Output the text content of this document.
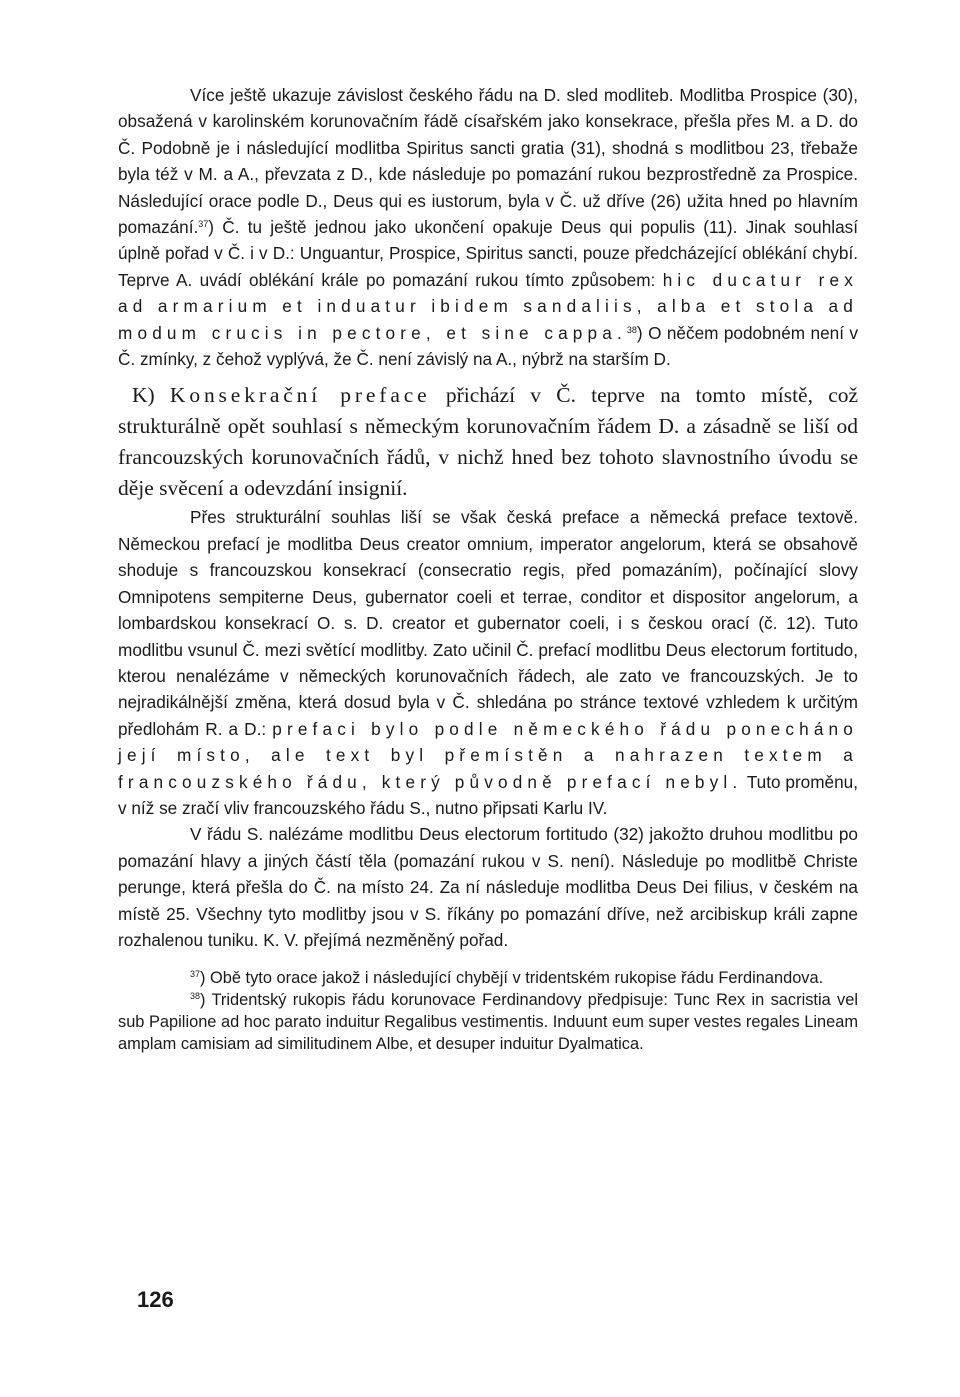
Více ještě ukazuje závislost českého řádu na D. sled modliteb. Modlitba Prospice (30), obsažená v karolinském korunovačním řádě císařském jako konsekrace, přešla přes M. a D. do Č. Podobně je i následující modlitba Spiritus sancti gratia (31), shodná s modlitbou 23, třebaže byla též v M. a A., převzata z D., kde následuje po pomazání rukou bezprostředně za Prospice. Následující orace podle D., Deus qui es iustorum, byla v Č. už dříve (26) užita hned po hlavním pomazání.$^{37}$) Č. tu ještě jednou jako ukončení opakuje Deus qui populis (11). Jinak souhlasí úplně pořad v Č. i v D.: Unguantur, Prospice, Spiritus sancti, pouze předcházející oblékání chybí. Teprve A. uvádí oblékání krále po pomazání rukou tímto způsobem: hic ducatur rex ad armarium et induatur ibidem sandaliis, alba et stola ad modum crucis in pectore, et sine cappa.$^{38}$) O něčem podobném není v Č. zmínky, z čehož vyplývá, že Č. není závislý na A., nýbrž na starším D.

K) Konsekrační preface přichází v Č. teprve na tomto místě, což strukturálně opět souhlasí s německým korunovačním řádem D. a zásadně se liší od francouzských korunovačních řádů, v nichž hned bez tohoto slavnostního úvodu se děje svěcení a odevzdání insignií.

Přes strukturální souhlas liší se však česká preface a německá preface textově. Německou prefací je modlitba Deus creator omnium, imperator angelorum, která se obsahově shoduje s francouzskou konsekrací (consecratio regis, před pomazáním), počínající slovy Omnipotens sempiterne Deus, gubernator coeli et terrae, conditor et dispositor angelorum, a lombardskou konsekrací O. s. D. creator et gubernator coeli, i s českou orací (č. 12). Tuto modlitbu vsunul Č. mezi světící modlitby. Zato učinil Č. prefací modlitbu Deus electorum fortitudo, kterou nenalézáme v německých korunovačních řádech, ale zato ve francouzských. Je to nejradikálnější změna, která dosud byla v Č. shledána po stránce textové vzhledem k určitým předlohám R. a D.: prefaci bylo podle německého řádu ponecháno její místo, ale text byl přemístěn a nahrazen textem a francouzského řádu, který původně prefací nebyl. Tuto proměnu, v níž se zračí vliv francouzského řádu S., nutno připsati Karlu IV.

V řádu S. nalézáme modlitbu Deus electorum fortitudo (32) jakožto druhou modlitbu po pomazání hlavy a jiných částí těla (pomazání rukou v S. není). Následuje po modlitbě Christe perunge, která přešla do Č. na místo 24. Za ní následuje modlitba Deus Dei filius, v českém na místě 25. Všechny tyto modlitby jsou v S. říkány po pomazání dříve, než arcibiskup králi zapne rozhalenou tuniku. K. V. přejímá nezměněný pořad.

$^{37}$) Obě tyto orace jakož i následující chybějí v tridentském rukopise řádu Ferdinandova.

$^{38}$) Tridentský rukopis řádu korunovace Ferdinandovy předpisuje: Tunc Rex in sacristia vel sub Papilione ad hoc parato induitur Regalibus vestimentis. Induunt eum super vestes regales Lineam amplam camisiam ad similitudinem Albe, et desuper induitur Dyalmatica.

126
